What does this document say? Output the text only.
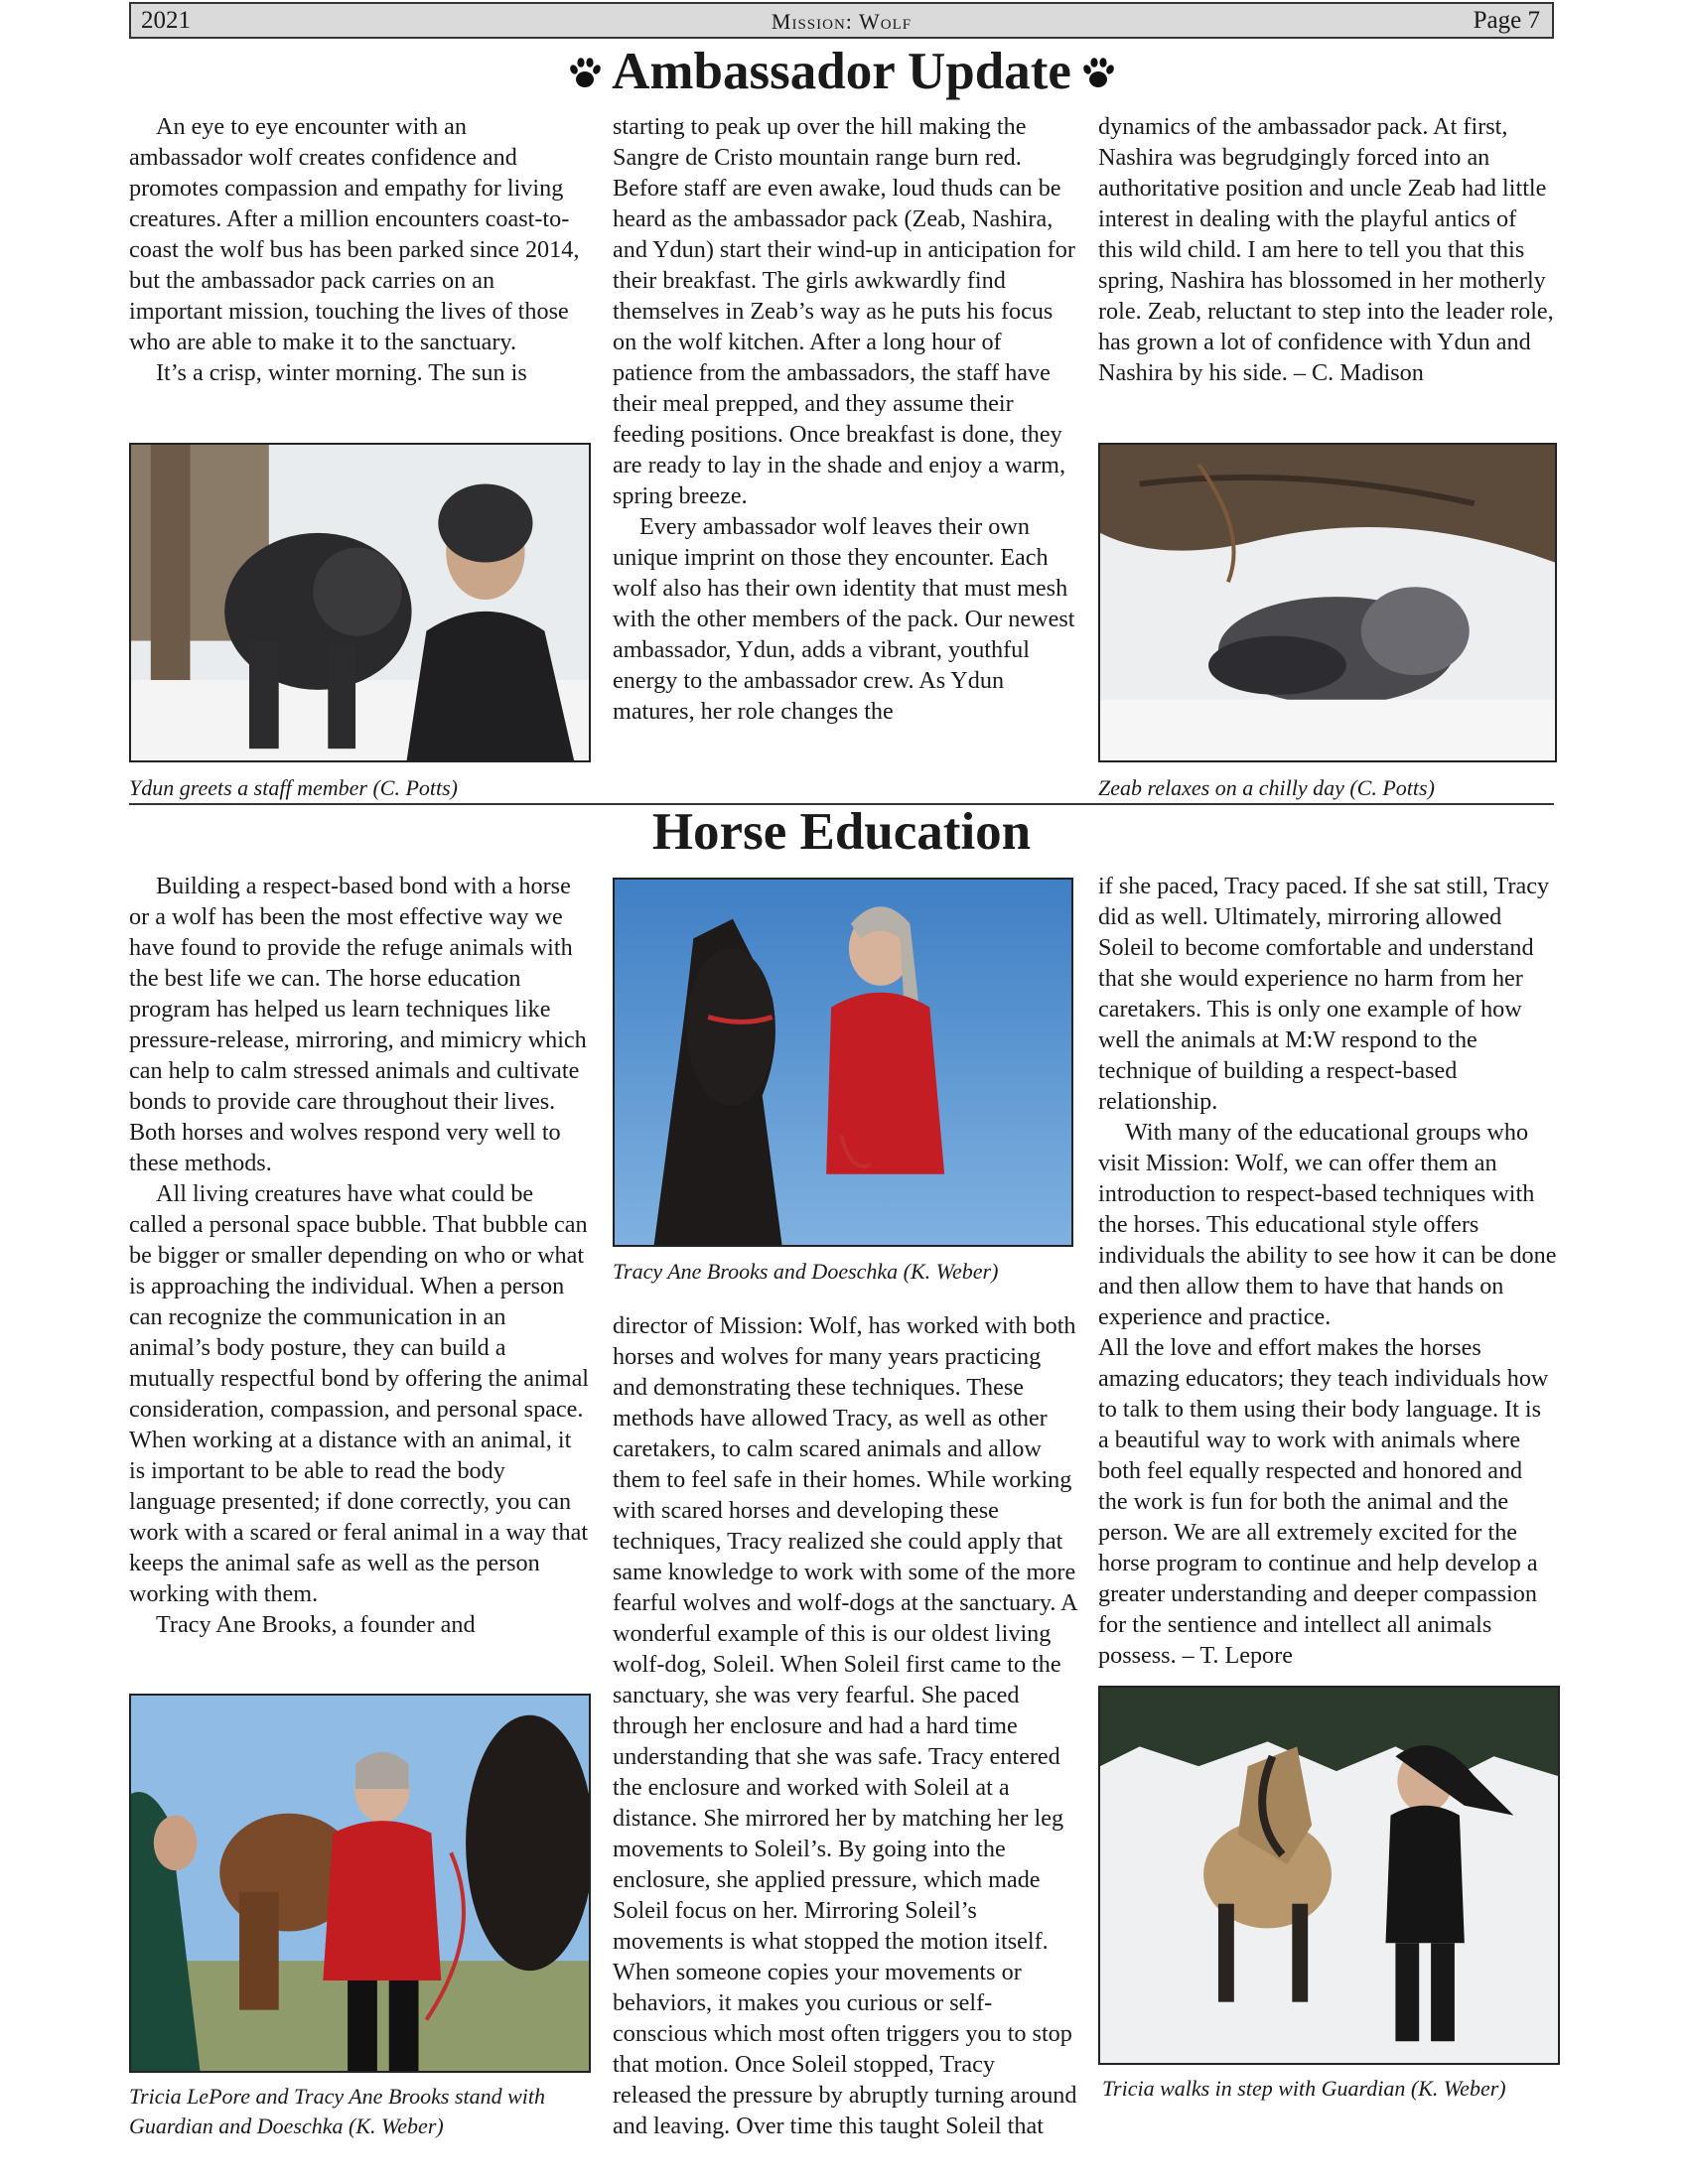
2021	Mission: Wolf	Page 7
Ambassador Update

An eye to eye encounter with an ambassador wolf creates confidence and promotes compassion and empathy for living creatures. After a million encounters coast-to-coast the wolf bus has been parked since 2014, but the ambassador pack carries on an important mission, touching the lives of those who are able to make it to the sanctuary.

It’s a crisp, winter morning. The sun is

starting to peak up over the hill making the Sangre de Cristo mountain range burn red. Before staff are even awake, loud thuds can be heard as the ambassador pack (Zeab, Nashira, and Ydun) start their wind-up in anticipation for their breakfast. The girls awkwardly find themselves in Zeab’s way as he puts his focus on the wolf kitchen. After a long hour of patience from the ambassadors, the staff have their meal prepped, and they assume their feeding positions. Once breakfast is done, they are ready to lay in the shade and enjoy a warm, spring breeze.

Every ambassador wolf leaves their own unique imprint on those they encounter. Each wolf also has their own identity that must mesh with the other members of the pack. Our newest ambassador, Ydun, adds a vibrant, youthful energy to the ambassador crew. As Ydun matures, her role changes the

dynamics of the ambassador pack. At first, Nashira was begrudgingly forced into an authoritative position and uncle Zeab had little interest in dealing with the playful antics of this wild child. I am here to tell you that this spring, Nashira has blossomed in her motherly role. Zeab, reluctant to step into the leader role, has grown a lot of confidence with Ydun and Nashira by his side. – C. Madison

Ydun greets a staff member (C. Potts)	Zeab relaxes on a chilly day (C. Potts)
Horse Education

Building a respect-based bond with a horse or a wolf has been the most effective way we have found to provide the refuge animals with the best life we can. The horse education program has helped us learn techniques like pressure-release, mirroring, and mimicry which can help to calm stressed animals and cultivate bonds to provide care throughout their lives. Both horses and wolves respond very well to these methods.

All living creatures have what could be called a personal space bubble. That bubble can be bigger or smaller depending on who or what is approaching the individual. When a person can recognize the communication in an animal’s body posture, they can build a mutually respectful bond by offering the animal consideration, compassion, and personal space. When working at a distance with an animal, it is important to be able to read the body language presented; if done correctly, you can work with a scared or feral animal in a way that keeps the animal safe as well as the person working with them.

Tracy Ane Brooks, a founder and

Tracy Ane Brooks and Doeschka (K. Weber)

director of Mission: Wolf, has worked with both horses and wolves for many years practicing and demonstrating these techniques. These methods have allowed Tracy, as well as other caretakers, to calm scared animals and allow them to feel safe in their homes. While working with scared horses and developing these techniques, Tracy realized she could apply that same knowledge to work with some of the more fearful wolves and wolf-dogs at the sanctuary. A wonderful example of this is our oldest living wolf-dog, Soleil. When Soleil first came to the sanctuary, she was very fearful. She paced through her enclosure and had a hard time understanding that she was safe. Tracy entered the enclosure and worked with Soleil at a distance. She mirrored her by matching her leg movements to Soleil’s. By going into the enclosure, she applied pressure, which made Soleil focus on her. Mirroring Soleil’s movements is what stopped the motion itself. When someone copies your movements or behaviors, it makes you curious or self-conscious which most often triggers you to stop that motion. Once Soleil stopped, Tracy released the pressure by abruptly turning around and leaving. Over time this taught Soleil that

if she paced, Tracy paced. If she sat still, Tracy did as well. Ultimately, mirroring allowed Soleil to become comfortable and understand that she would experience no harm from her caretakers. This is only one example of how well the animals at M:W respond to the technique of building a respect-based relationship.

With many of the educational groups who visit Mission: Wolf, we can offer them an introduction to respect-based techniques with the horses. This educational style offers individuals the ability to see how it can be done and then allow them to have that hands on experience and practice.

All the love and effort makes the horses amazing educators; they teach individuals how to talk to them using their body language. It is a beautiful way to work with animals where both feel equally respected and honored and the work is fun for both the animal and the person. We are all extremely excited for the horse program to continue and help develop a greater understanding and deeper compassion for the sentience and intellect all animals possess. – T. Lepore

Tricia LePore and Tracy Ane Brooks stand with Guardian and Doeschka (K. Weber)
Tricia walks in step with Guardian (K. Weber)
